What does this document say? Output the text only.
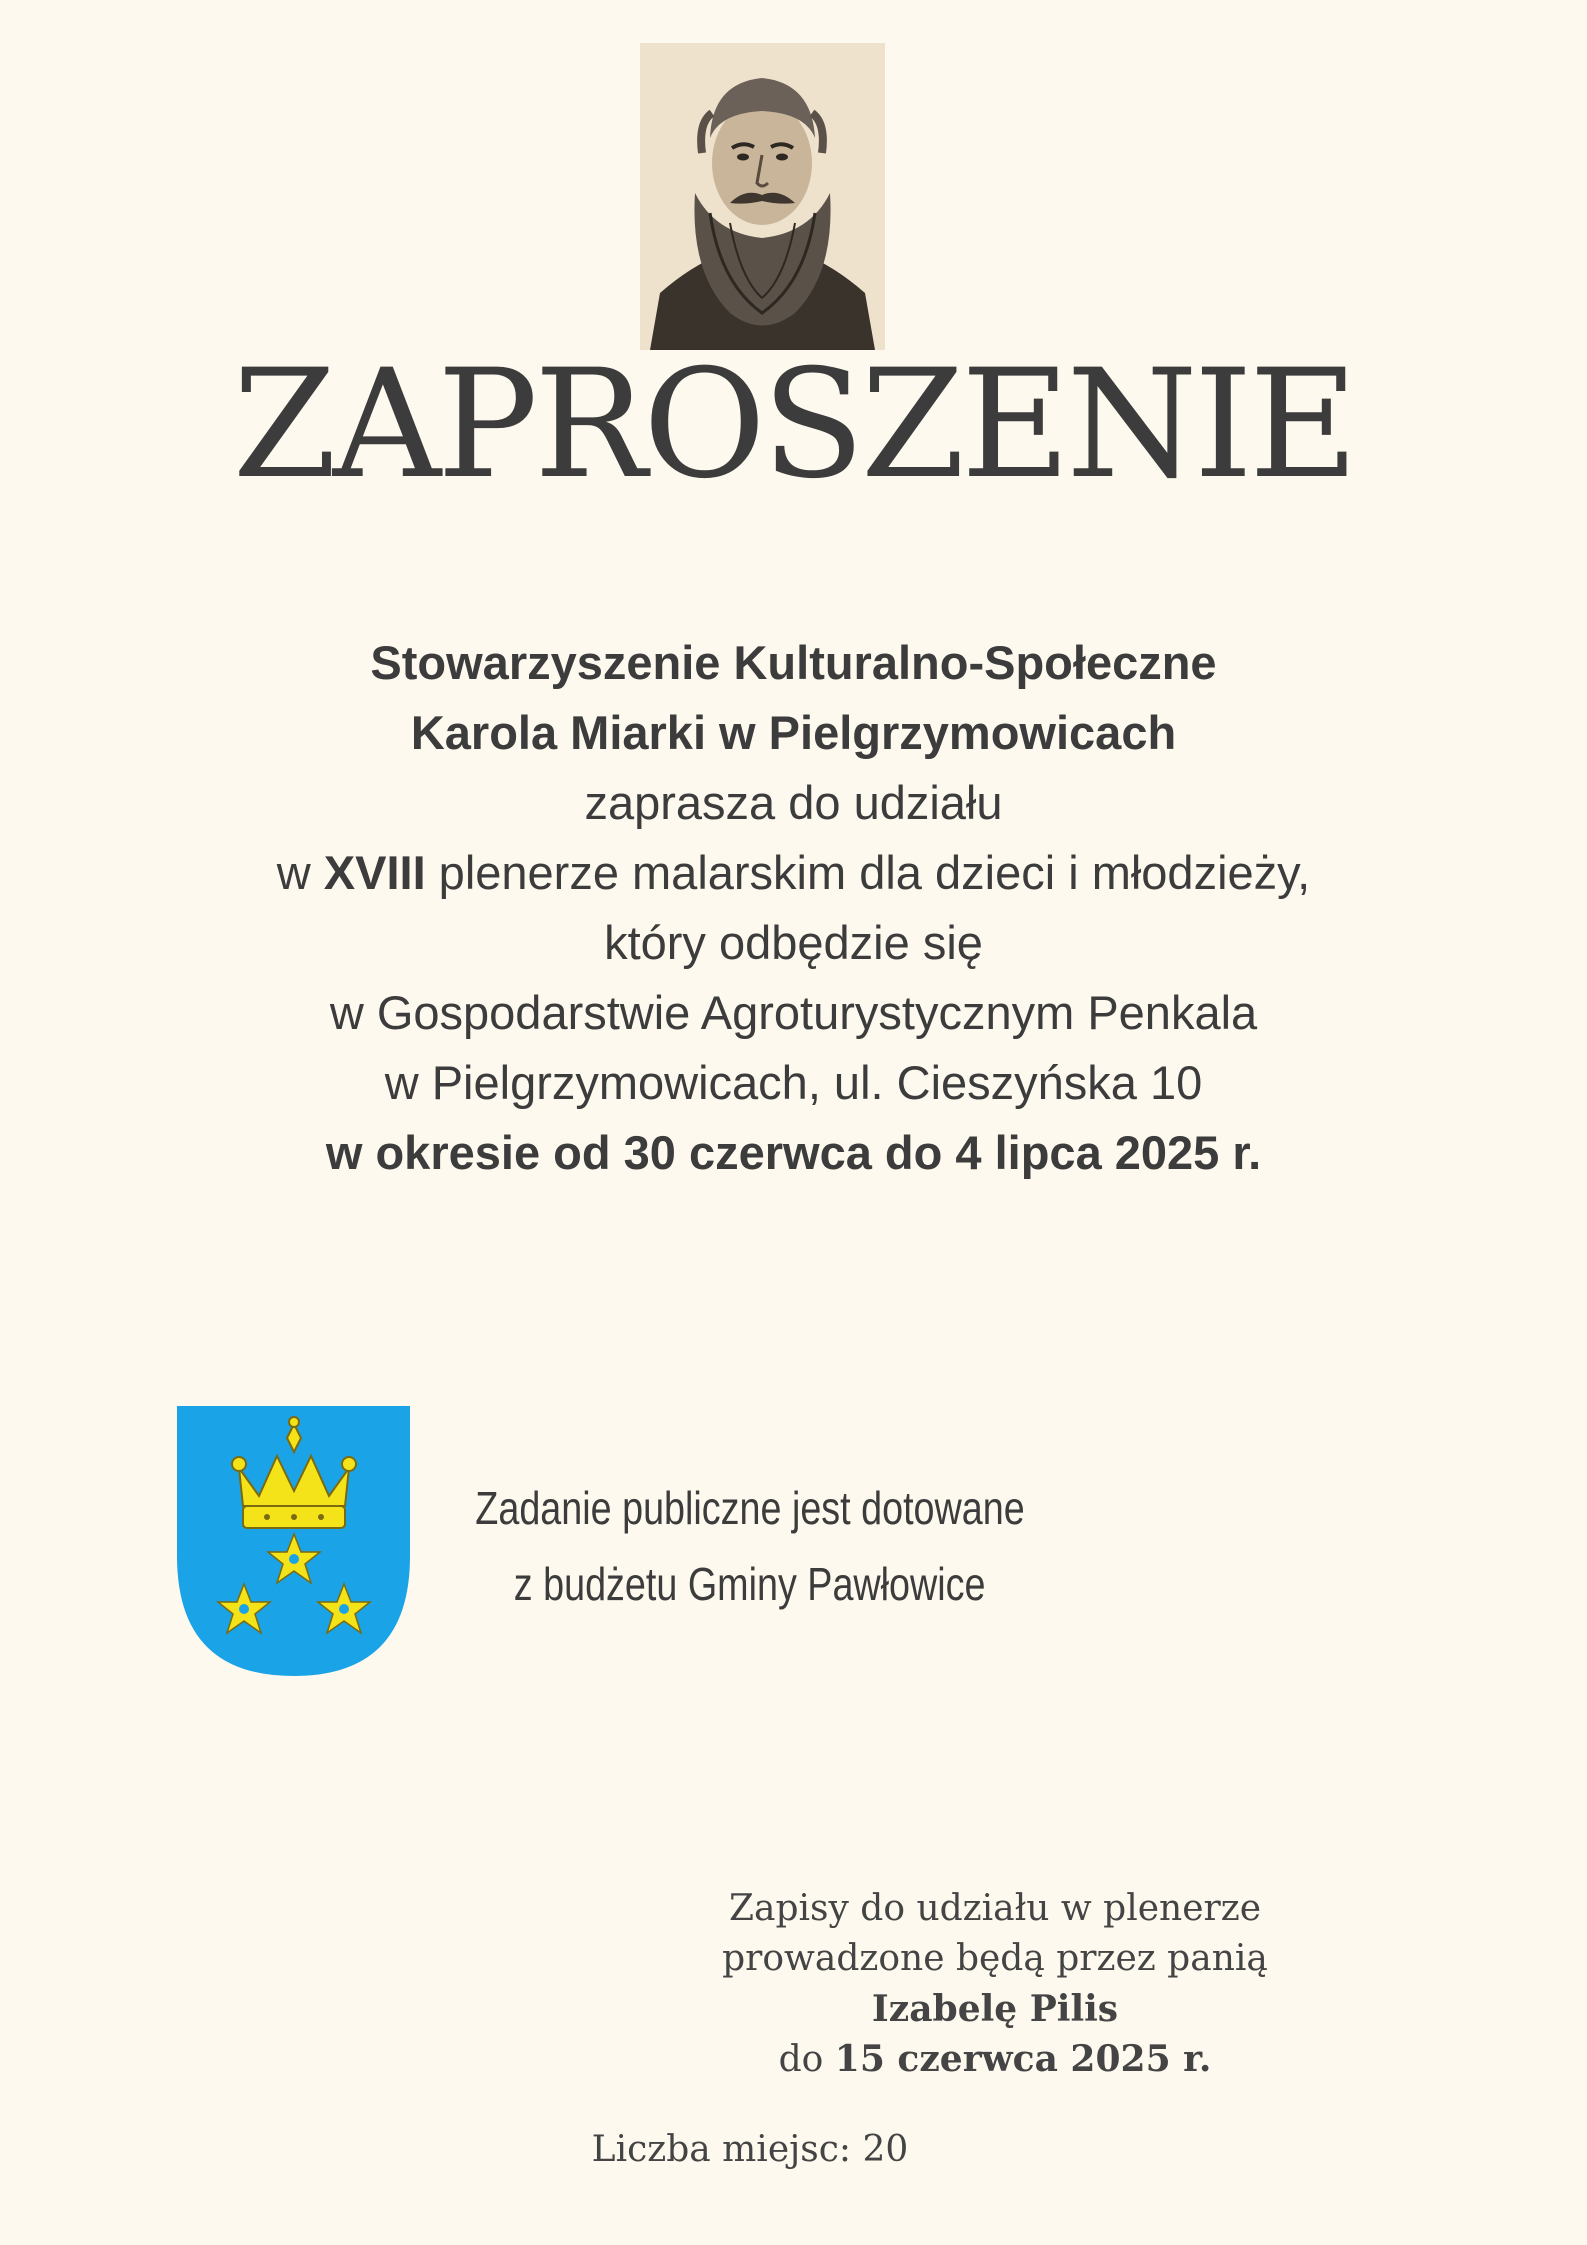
ZAPROSZENIE
Stowarzyszenie Kulturalno-Społeczne
Karola Miarki w Pielgrzymowicach
zaprasza do udziału
w XVIII plenerze malarskim dla dzieci i młodzieży,
który odbędzie się
w Gospodarstwie Agroturystycznym Penkala
w Pielgrzymowicach, ul. Cieszyńska 10
w okresie od 30 czerwca do 4 lipca 2025 r.
Zadanie publiczne jest dotowane
z budżetu Gminy Pawłowice
Zapisy do udziału w plenerze
prowadzone będą przez panią
Izabelę Pilis
do 15 czerwca 2025 r.
Liczba miejsc: 20
